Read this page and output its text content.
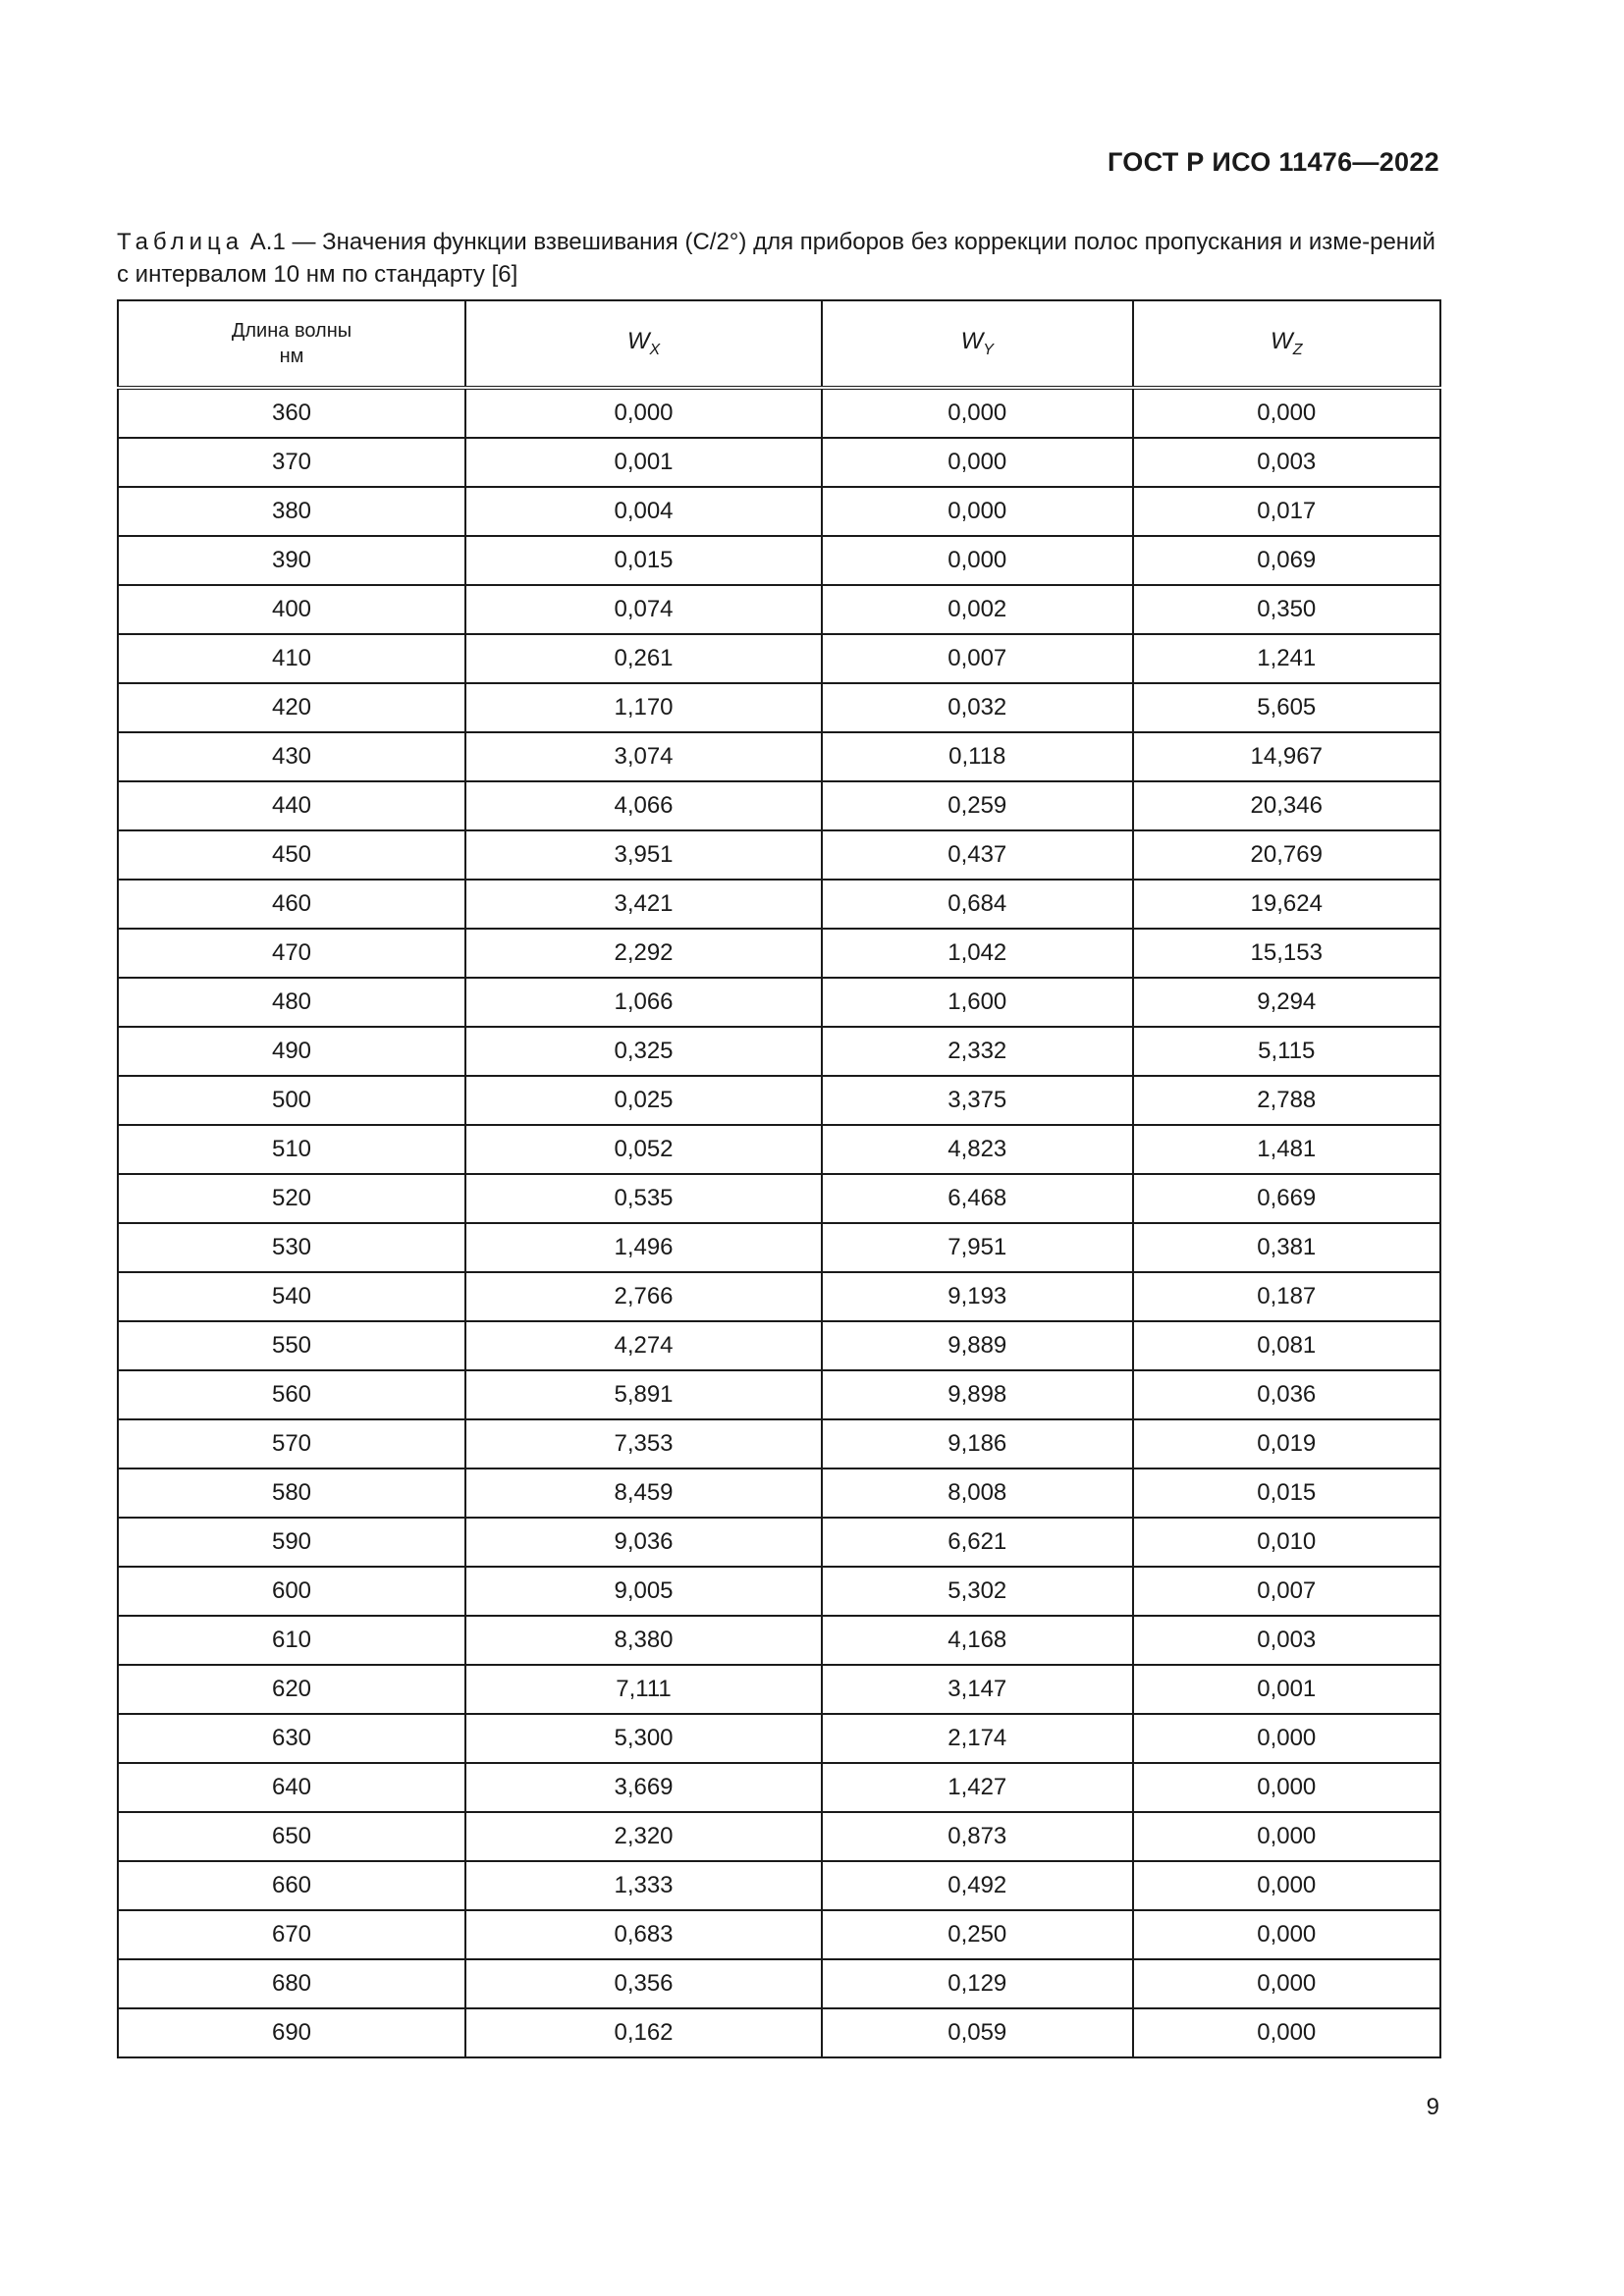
ГОСТ Р ИСО 11476—2022
Таблица А.1 — Значения функции взвешивания (С/2°) для приборов без коррекции полос пропускания и изме-рений с интервалом 10 нм по стандарту [6]
Длина волны
нм	$W_X$	$W_Y$	$W_Z$
360	0,000	0,000	0,000
370	0,001	0,000	0,003
380	0,004	0,000	0,017
390	0,015	0,000	0,069
400	0,074	0,002	0,350
410	0,261	0,007	1,241
420	1,170	0,032	5,605
430	3,074	0,118	14,967
440	4,066	0,259	20,346
450	3,951	0,437	20,769
460	3,421	0,684	19,624
470	2,292	1,042	15,153
480	1,066	1,600	9,294
490	0,325	2,332	5,115
500	0,025	3,375	2,788
510	0,052	4,823	1,481
520	0,535	6,468	0,669
530	1,496	7,951	0,381
540	2,766	9,193	0,187
550	4,274	9,889	0,081
560	5,891	9,898	0,036
570	7,353	9,186	0,019
580	8,459	8,008	0,015
590	9,036	6,621	0,010
600	9,005	5,302	0,007
610	8,380	4,168	0,003
620	7,111	3,147	0,001
630	5,300	2,174	0,000
640	3,669	1,427	0,000
650	2,320	0,873	0,000
660	1,333	0,492	0,000
670	0,683	0,250	0,000
680	0,356	0,129	0,000
690	0,162	0,059	0,000
9
